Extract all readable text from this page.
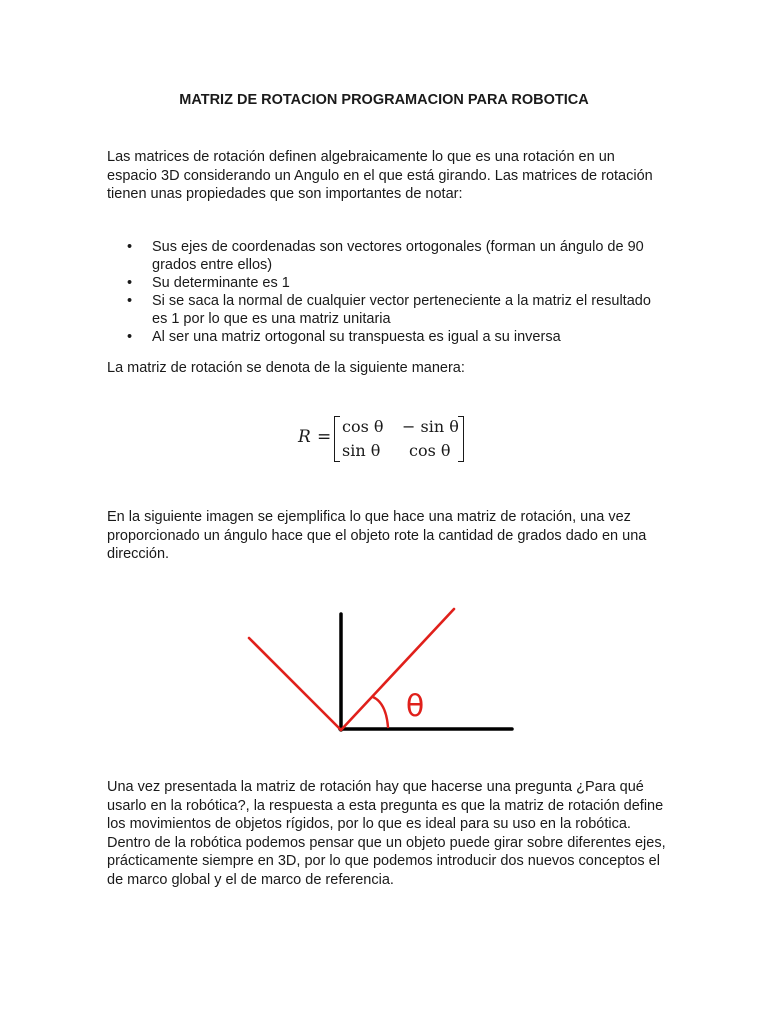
MATRIZ DE ROTACION PROGRAMACION PARA ROBOTICA

Las matrices de rotación definen algebraicamente lo que es una rotación en un espacio 3D considerando un Angulo en el que está girando. Las matrices de rotación tienen unas propiedades que son importantes de notar:

• Sus ejes de coordenadas son vectores ortogonales (forman un ángulo de 90 grados entre ellos)
• Su determinante es 1
• Si se saca la normal de cualquier vector perteneciente a la matriz el resultado es 1 por lo que es una matriz unitaria
• Al ser una matriz ortogonal su transpuesta es igual a su inversa

La matriz de rotación se denota de la siguiente manera:

R =
cos θ − sin θ
sin θ cos θ

En la siguiente imagen se ejemplifica lo que hace una matriz de rotación, una vez proporcionado un ángulo hace que el objeto rote la cantidad de grados dado en una dirección.

θ

Una vez presentada la matriz de rotación hay que hacerse una pregunta ¿Para qué usarlo en la robótica?, la respuesta a esta pregunta es que la matriz de rotación define los movimientos de objetos rígidos, por lo que es ideal para su uso en la robótica. Dentro de la robótica podemos pensar que un objeto puede girar sobre diferentes ejes, prácticamente siempre en 3D, por lo que podemos introducir dos nuevos conceptos el de marco global y el de marco de referencia.
